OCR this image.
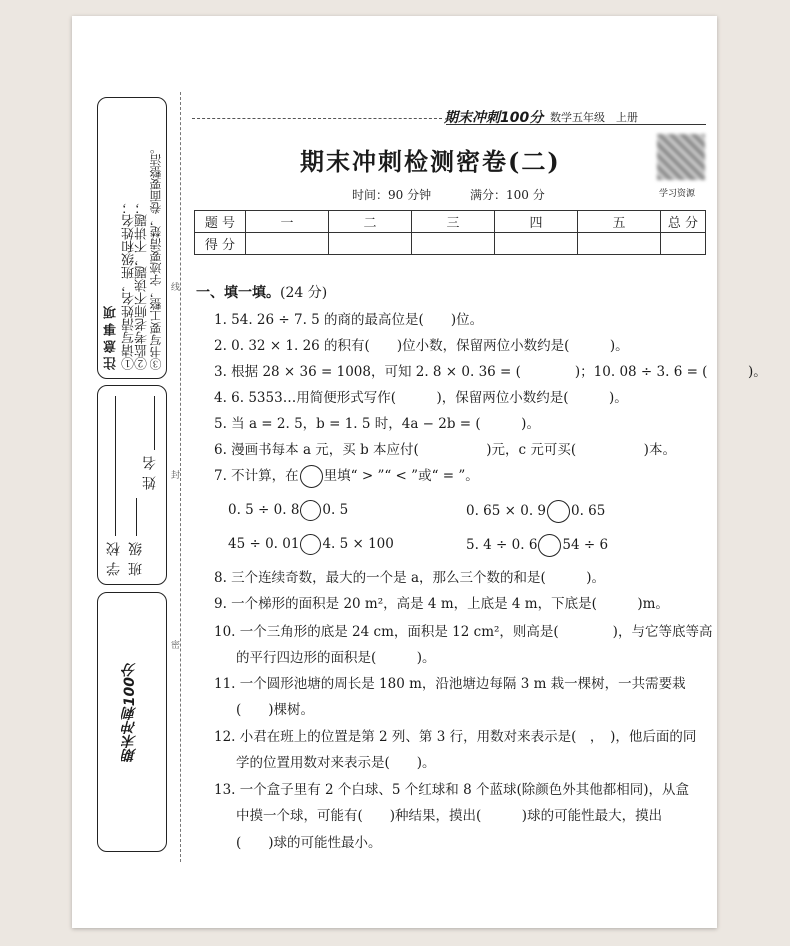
注意事项 ①请写清姓名，班级和姓名；
②监考老师不读题，不讲题； ③书写要工整，字迹要清楚，卷面要整洁。
学校 班级
姓名
期末冲刺100分
线
封
密
期末冲刺100分 数学五年级　上册
期末冲刺检测密卷(二)
学习资源
时间：90 分钟	满分：100 分
题 号	一	二	三	四	五	总 分
得 分						
一、填一填。(24 分)
1. 54. 26 ÷ 7. 5 的商的最高位是(　　)位。
2. 0. 32 × 1. 26 的积有(　　)位小数，保留两位小数约是(　　　)。
3. 根据 28 × 36 = 1008，可知 2. 8 × 0. 36 = (　　　　)；10. 08 ÷ 3. 6 = (　　　)。
4. 6. 5353…用简便形式写作(　　　)，保留两位小数约是(　　　)。
5. 当 a = 2. 5，b = 1. 5 时，4a − 2b = (　　　)。
6. 漫画书每本 a 元，买 b 本应付(　　　　　)元，c 元可买(　　　　　)本。
7. 不计算，在 里填“ > ”“ < ”或“ = ”。
0. 5 ÷ 0. 8 0. 5	0. 65 × 0. 9 0. 65
45 ÷ 0. 01 4. 5 × 100	5. 4 ÷ 0. 6 54 ÷ 6
8. 三个连续奇数，最大的一个是 a，那么三个数的和是(　　　)。
9. 一个梯形的面积是 20 m²，高是 4 m，上底是 4 m，下底是(　　　)m。
10. 一个三角形的底是 24 cm，面积是 12 cm²，则高是(　　　　)，与它等底等高
的平行四边形的面积是(　　　)。
11. 一个圆形池塘的周长是 180 m，沿池塘边每隔 3 m 栽一棵树，一共需要栽
(　　)棵树。
12. 小君在班上的位置是第 2 列、第 3 行，用数对来表示是(　，　)，他后面的同
学的位置用数对来表示是(　　)。
13. 一个盒子里有 2 个白球、5 个红球和 8 个蓝球(除颜色外其他都相同)，从盒
中摸一个球，可能有(　　)种结果，摸出(　　　)球的可能性最大，摸出
(　　)球的可能性最小。
